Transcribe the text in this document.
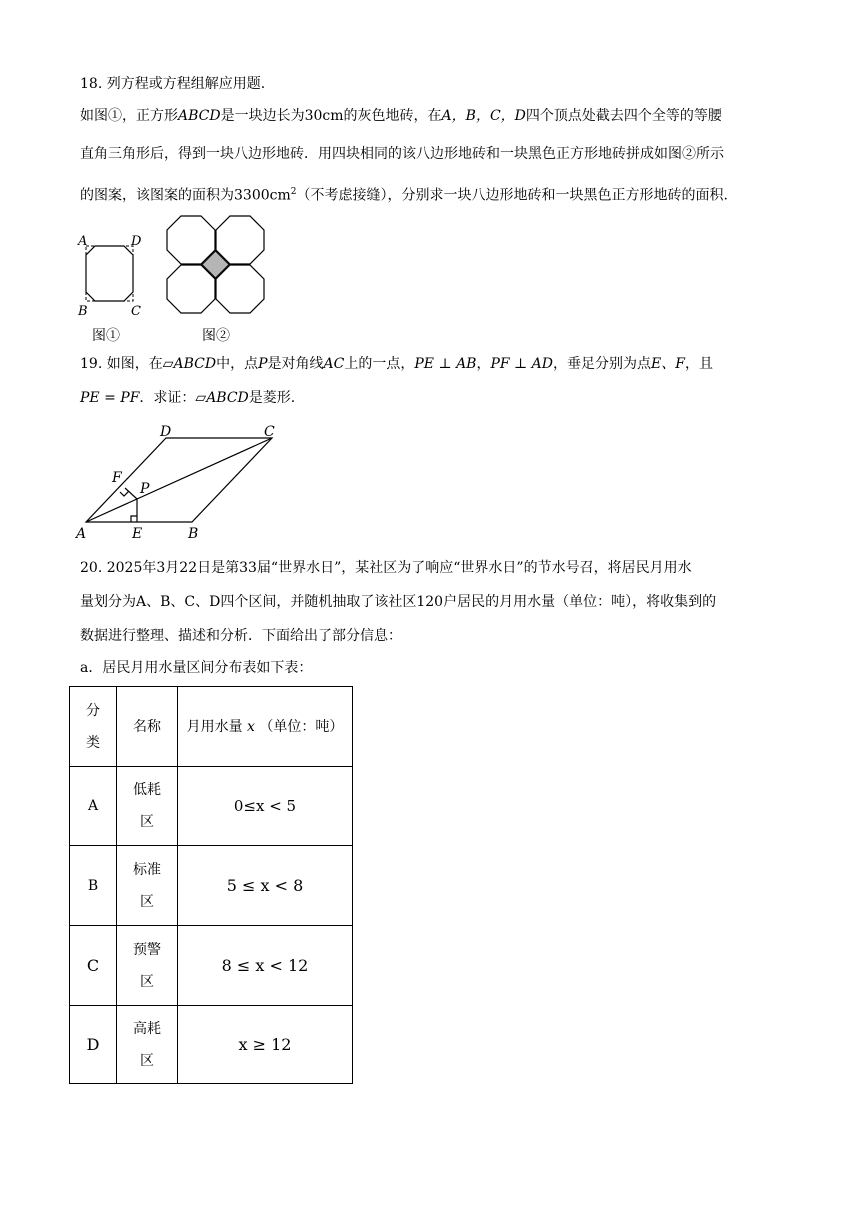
18. 列方程或方程组解应用题.
如图①，正方形ABCD是一块边长为30cm的灰色地砖，在A，B，C，D四个顶点处截去四个全等的等腰
直角三角形后，得到一块八边形地砖．用四块相同的该八边形地砖和一块黑色正方形地砖拼成如图②所示
的图案，该图案的面积为$3300cm^2$（不考虑接缝），分别求一块八边形地砖和一块黑色正方形地砖的面积.
A	D
B	C
图①	图②
19. 如图，在▱ABCD中，点P是对角线AC上的一点，PE ⊥ AB，PF ⊥ AD，垂足分别为点E、F，且
PE = PF．求证：▱ABCD是菱形.
A	B
C
D
E
F
P
20. 2025年3月22日是第33届“世界水日”，某社区为了响应“世界水日”的节水号召，将居民月用水
量划分为A、B、C、D四个区间，并随机抽取了该社区120户居民的月用水量（单位：吨），将收集到的
数据进行整理、描述和分析．下面给出了部分信息：
a．居民月用水量区间分布表如下表：
分类	名称	月用水量 x （单位：吨）
A	低耗区	0≤x < 5
B	标准区	5 ≤ x < 8
C	预警区	8 ≤ x < 12
D	高耗区	x ≥ 12
